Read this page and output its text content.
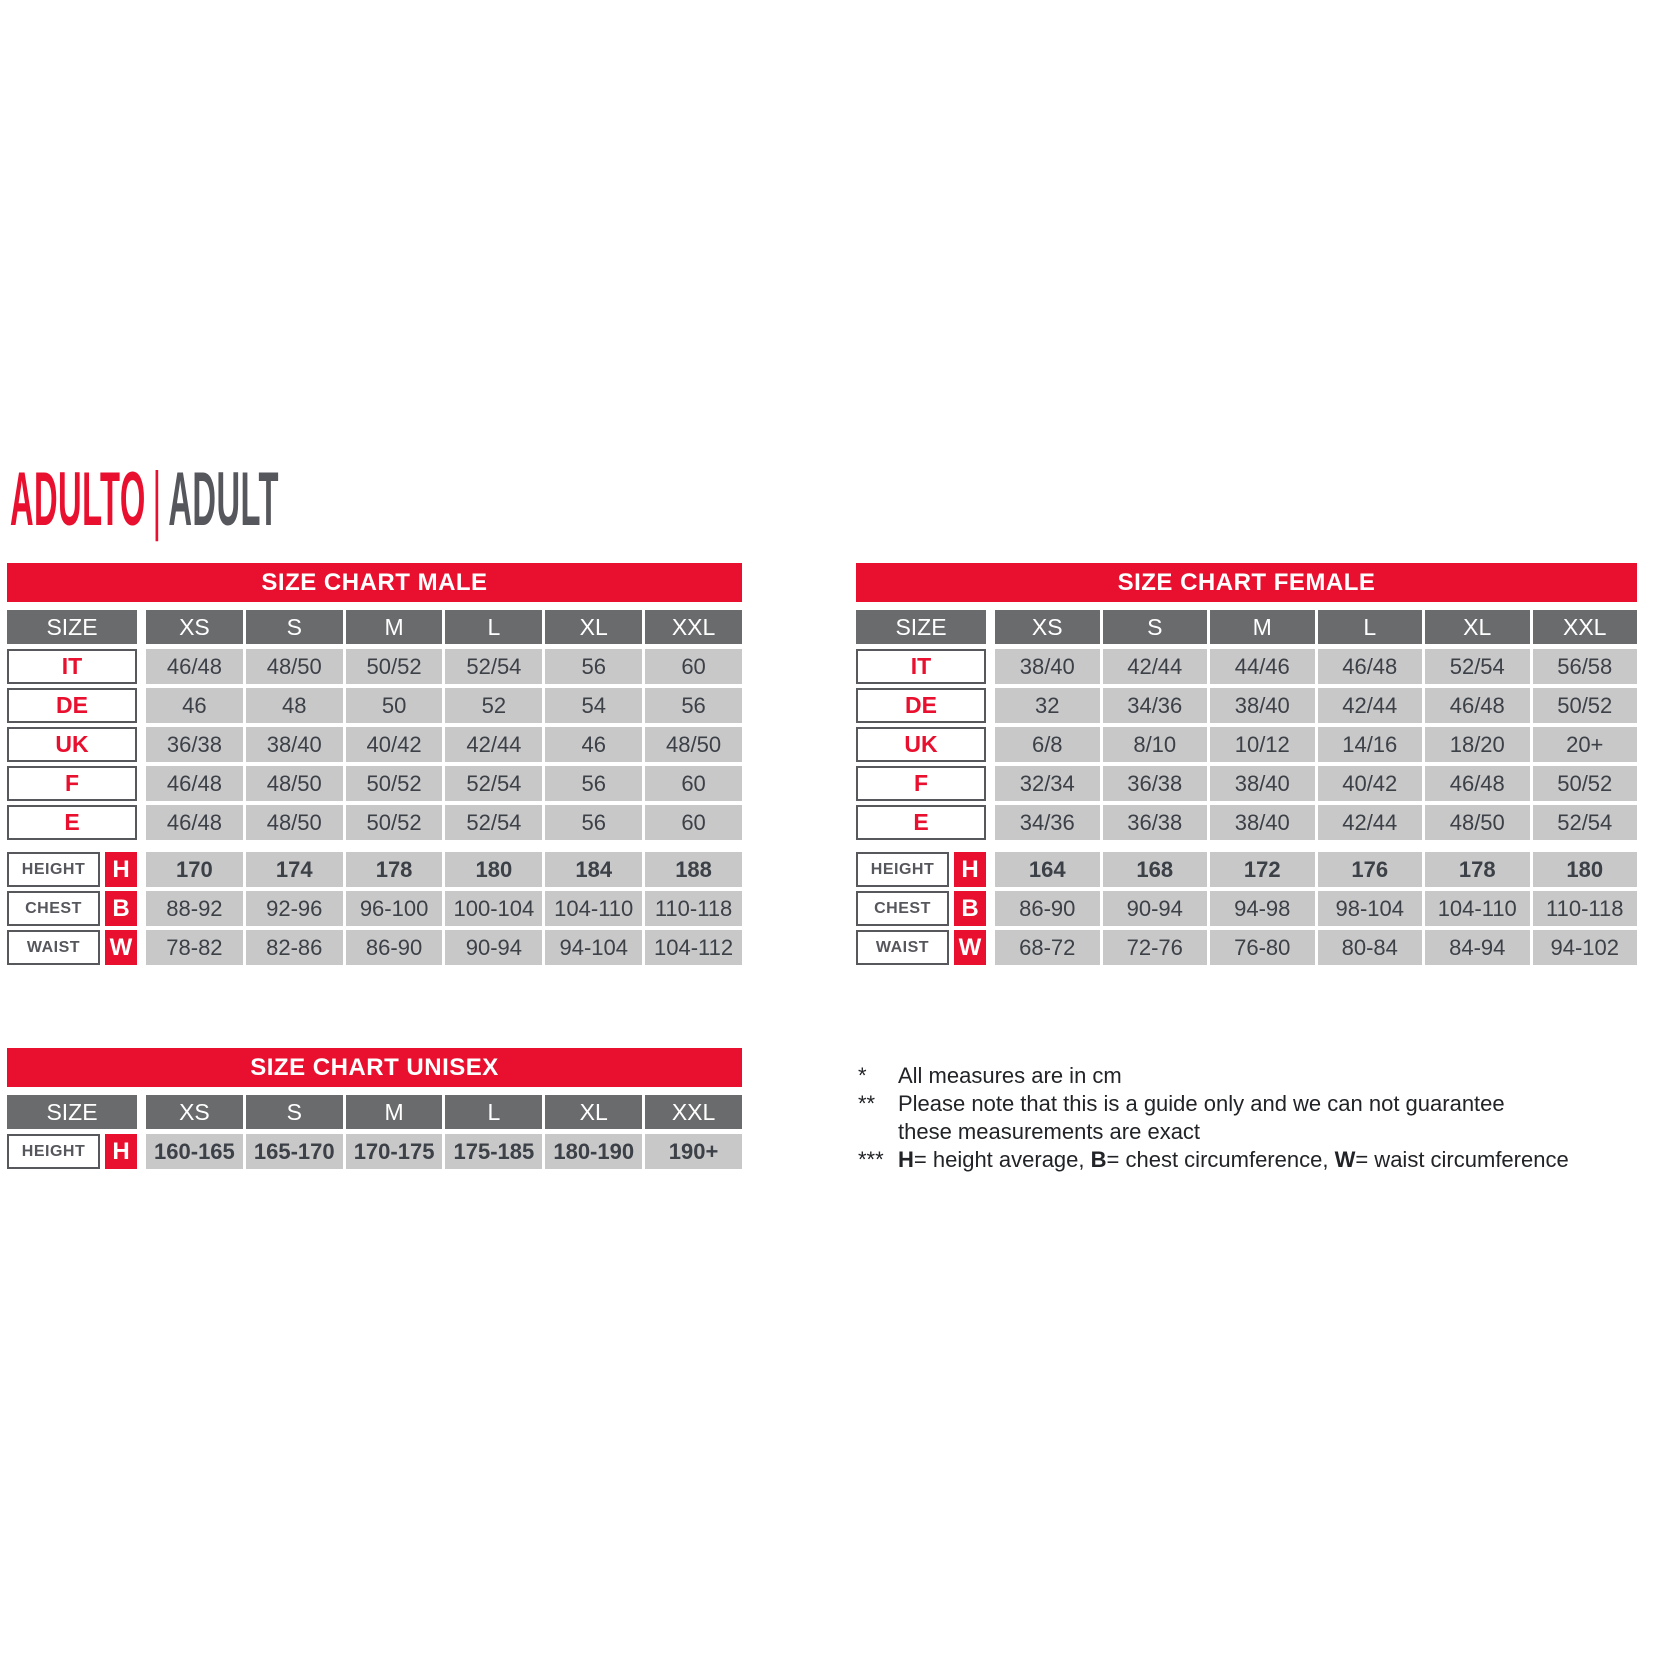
ADULTO|ADULT
SIZE CHART MALE
SIZE	XS	S	M	L	XL	XXL
IT	46/48	48/50	50/52	52/54	56	60
DE	46	48	50	52	54	56
UK	36/38	38/40	40/42	42/44	46	48/50
F	46/48	48/50	50/52	52/54	56	60
E	46/48	48/50	50/52	52/54	56	60
HEIGHT	H	170	174	178	180	184	188
CHEST	B	88-92	92-96	96-100	100-104 104-110 110-118
WAIST	W	78-82	82-86	86-90	90-94	94-104	104-112
SIZE CHART FEMALE
SIZE	XS	S	M	L	XL	XXL
IT	38/40	42/44	44/46	46/48	52/54	56/58
DE	32	34/36	38/40	42/44	46/48	50/52
UK	6/8	8/10	10/12	14/16	18/20	20+
F	32/34	36/38	38/40	40/42	46/48	50/52
E	34/36	36/38	38/40	42/44	48/50	52/54
HEIGHT	H	164	168	172	176	178	180
CHEST	B	86-90	90-94	94-98	98-104	104-110	110-118
WAIST	W	68-72	72-76	76-80	80-84	84-94	94-102
SIZE CHART UNISEX
SIZE	XS	S	M	L	XL	XXL
HEIGHT	H	160-165 165-170 170-175 175-185 180-190	190+
*	All measures are in cm
**	Please note that this is a guide only and we can not guarantee
these measurements are exact
*** H= height average, B= chest circumference, W= waist circumference
